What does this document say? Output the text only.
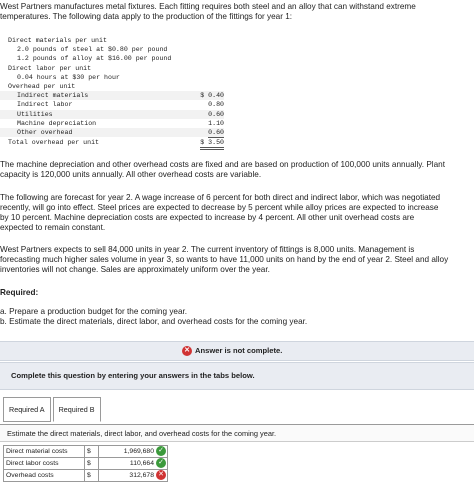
West Partners manufactures metal fixtures. Each fitting requires both steel and an alloy that can withstand extreme
temperatures. The following data apply to the production of the fittings for year 1:
Direct materials per unit
2.0 pounds of steel at $0.80 per pound
1.2 pounds of alloy at $16.00 per pound
Direct labor per unit
0.04 hours at $30 per hour
Overhead per unit
Indirect materials	$ 0.40
Indirect labor	0.80
Utilities	0.60
Machine depreciation	1.10
Other overhead	0.60
Total overhead per unit	$ 3.50
The machine depreciation and other overhead costs are fixed and are based on production of 100,000 units annually. Plant
capacity is 120,000 units annually. All other overhead costs are variable.
The following are forecast for year 2. A wage increase of 6 percent for both direct and indirect labor, which was negotiated
recently, will go into effect. Steel prices are expected to decrease by 5 percent while alloy prices are expected to increase
by 10 percent. Machine depreciation costs are expected to increase by 4 percent. All other unit overhead costs are
expected to remain constant.
West Partners expects to sell 84,000 units in year 2. The current inventory of fittings is 8,000 units. Management is
forecasting much higher sales volume in year 3, so wants to have 11,000 units on hand by the end of year 2. Steel and alloy
inventories will not change. Sales are approximately uniform over the year.
Required:
a. Prepare a production budget for the coming year.
b. Estimate the direct materials, direct labor, and overhead costs for the coming year.
✕ Answer is not complete.
Complete this question by entering your answers in the tabs below.
Required A	Required B
Estimate the direct materials, direct labor, and overhead costs for the coming year.
Direct material costs	$	1,969,680 ✓

Direct labor costs	$	110,664 ✓

Overhead costs	$	312,678 ✕
